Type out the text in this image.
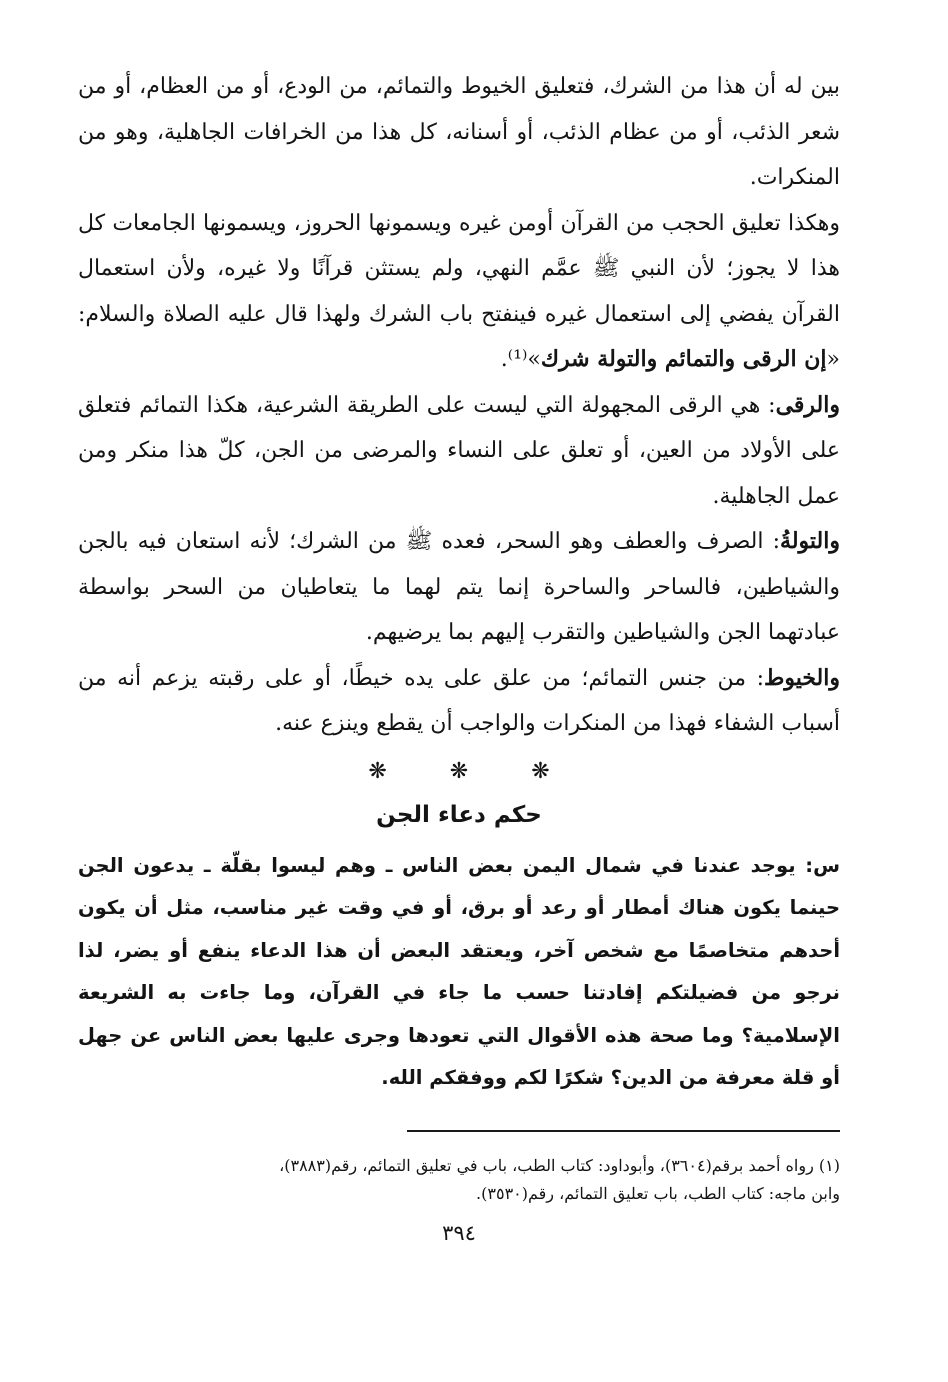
بين له أن هذا من الشرك، فتعليق الخيوط والتمائم، من الودع، أو من العظام، أو من شعر الذئب، أو من عظام الذئب، أو أسنانه، كل هذا من الخرافات الجاهلية، وهو من المنكرات.

وهكذا تعليق الحجب من القرآن أومن غيره ويسمونها الحروز، ويسمونها الجامعات كل هذا لا يجوز؛ لأن النبي ﷺ عمَّم النهي، ولم يستثن قرآنًا ولا غيره، ولأن استعمال القرآن يفضي إلى استعمال غيره فينفتح باب الشرك ولهذا قال عليه الصلاة والسلام: «إن الرقى والتمائم والتولة شرك»⁽¹⁾.

والرقى: هي الرقى المجهولة التي ليست على الطريقة الشرعية، هكذا التمائم فتعلق على الأولاد من العين، أو تعلق على النساء والمرضى من الجن، كلّ هذا منكر ومن عمل الجاهلية.

والتولةُ: الصرف والعطف وهو السحر، فعده ﷺ من الشرك؛ لأنه استعان فيه بالجن والشياطين، فالساحر والساحرة إنما يتم لهما ما يتعاطيان من السحر بواسطة عبادتهما الجن والشياطين والتقرب إليهم بما يرضيهم.

والخيوط: من جنس التمائم؛ من علق على يده خيطًا، أو على رقبته يزعم أنه من أسباب الشفاء فهذا من المنكرات والواجب أن يقطع وينزع عنه.

❋ ❋ ❋
حكم دعاء الجن

س: يوجد عندنا في شمال اليمن بعض الناس ـ وهم ليسوا بقلّة ـ يدعون الجن حينما يكون هناك أمطار أو رعد أو برق، أو في وقت غير مناسب، مثل أن يكون أحدهم متخاصمًا مع شخص آخر، ويعتقد البعض أن هذا الدعاء ينفع أو يضر، لذا نرجو من فضيلتكم إفادتنا حسب ما جاء في القرآن، وما جاءت به الشريعة الإسلامية؟ وما صحة هذه الأقوال التي تعودها وجرى عليها بعض الناس عن جهل أو قلة معرفة من الدين؟ شكرًا لكم ووفقكم الله.

(١) رواه أحمد برقم(٣٦٠٤)، وأبوداود: كتاب الطب، باب في تعليق التمائم، رقم(٣٨٨٣)،

وابن ماجه: كتاب الطب، باب تعليق التمائم، رقم(٣٥٣٠).

٣٩٤
